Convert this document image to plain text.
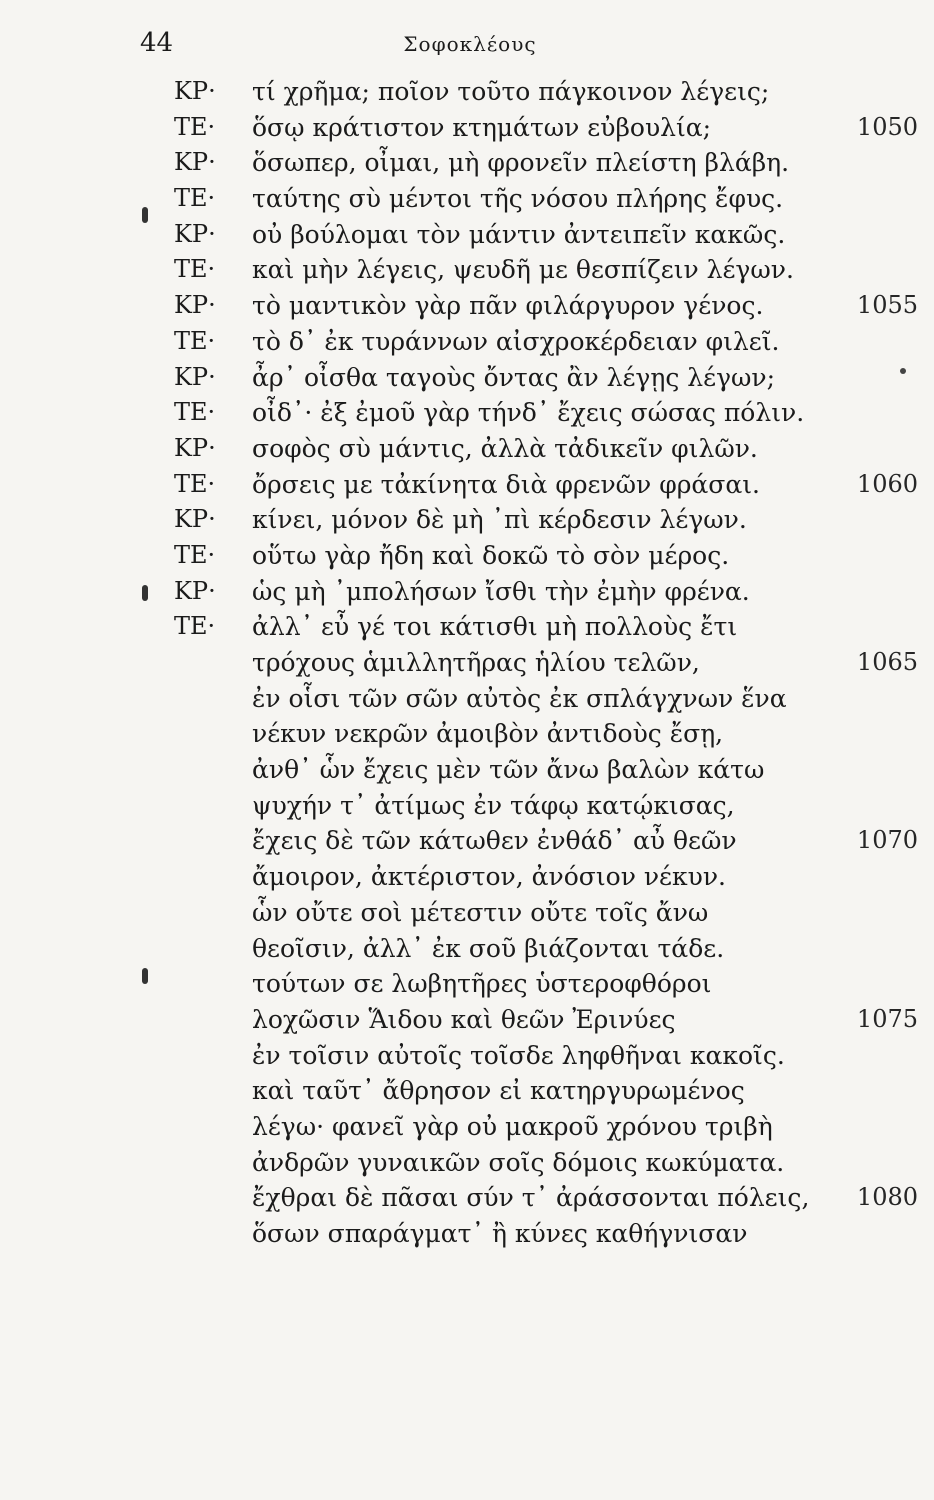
44	Σοφοκλέους
ΚΡ·	τί χρῆμα; ποῖον τοῦτο πάγκοινον λέγεις;
ΤΕ·	ὅσῳ κράτιστον κτημάτων εὐβουλία;	1050
ΚΡ·	ὅσωπερ, οἶμαι, μὴ φρονεῖν πλείστη βλάβη.
ΤΕ·	ταύτης σὺ μέντοι τῆς νόσου πλήρης ἔφυς.
ΚΡ·	οὐ βούλομαι τὸν μάντιν ἀντειπεῖν κακῶς.
ΤΕ·	καὶ μὴν λέγεις, ψευδῆ με θεσπίζειν λέγων.
ΚΡ·	τὸ μαντικὸν γὰρ πᾶν φιλάργυρον γένος.	1055
ΤΕ·	τὸ δ᾽ ἐκ τυράννων αἰσχροκέρδειαν φιλεῖ.
ΚΡ·	ἆρ᾽ οἶσθα ταγοὺς ὄντας ἂν λέγῃς λέγων;
ΤΕ·	οἶδ᾽· ἐξ ἐμοῦ γὰρ τήνδ᾽ ἔχεις σώσας πόλιν.
ΚΡ·	σοφὸς σὺ μάντις, ἀλλὰ τἀδικεῖν φιλῶν.
ΤΕ·	ὄρσεις με τἀκίνητα διὰ φρενῶν φράσαι.	1060
ΚΡ·	κίνει, μόνον δὲ μὴ ᾽πὶ κέρδεσιν λέγων.
ΤΕ·	οὕτω γὰρ ἤδη καὶ δοκῶ τὸ σὸν μέρος.
ΚΡ·	ὡς μὴ ᾽μπολήσων ἴσθι τὴν ἐμὴν φρένα.
ΤΕ·	ἀλλ᾽ εὖ γέ τοι κάτισθι μὴ πολλοὺς ἔτι
τρόχους ἁμιλλητῆρας ἡλίου τελῶν,	1065
ἐν οἷσι τῶν σῶν αὐτὸς ἐκ σπλάγχνων ἕνα
νέκυν νεκρῶν ἀμοιβὸν ἀντιδοὺς ἔσῃ,
ἀνθ᾽ ὧν ἔχεις μὲν τῶν ἄνω βαλὼν κάτω
ψυχήν τ᾽ ἀτίμως ἐν τάφῳ κατῴκισας,
ἔχεις δὲ τῶν κάτωθεν ἐνθάδ᾽ αὖ θεῶν	1070
ἄμοιρον, ἀκτέριστον, ἀνόσιον νέκυν.
ὧν οὔτε σοὶ μέτεστιν οὔτε τοῖς ἄνω
θεοῖσιν, ἀλλ᾽ ἐκ σοῦ βιάζονται τάδε.
τούτων σε λωβητῆρες ὑστεροφθόροι
λοχῶσιν Ἅιδου καὶ θεῶν Ἐρινύες	1075
ἐν τοῖσιν αὐτοῖς τοῖσδε ληφθῆναι κακοῖς.
καὶ ταῦτ᾽ ἄθρησον εἰ κατηργυρωμένος
λέγω· φανεῖ γὰρ οὐ μακροῦ χρόνου τριβὴ
ἀνδρῶν γυναικῶν σοῖς δόμοις κωκύματα.
ἔχθραι δὲ πᾶσαι σύν τ᾽ ἀράσσονται πόλεις, 1080
ὅσων σπαράγματ᾽ ἢ κύνες καθήγνισαν
